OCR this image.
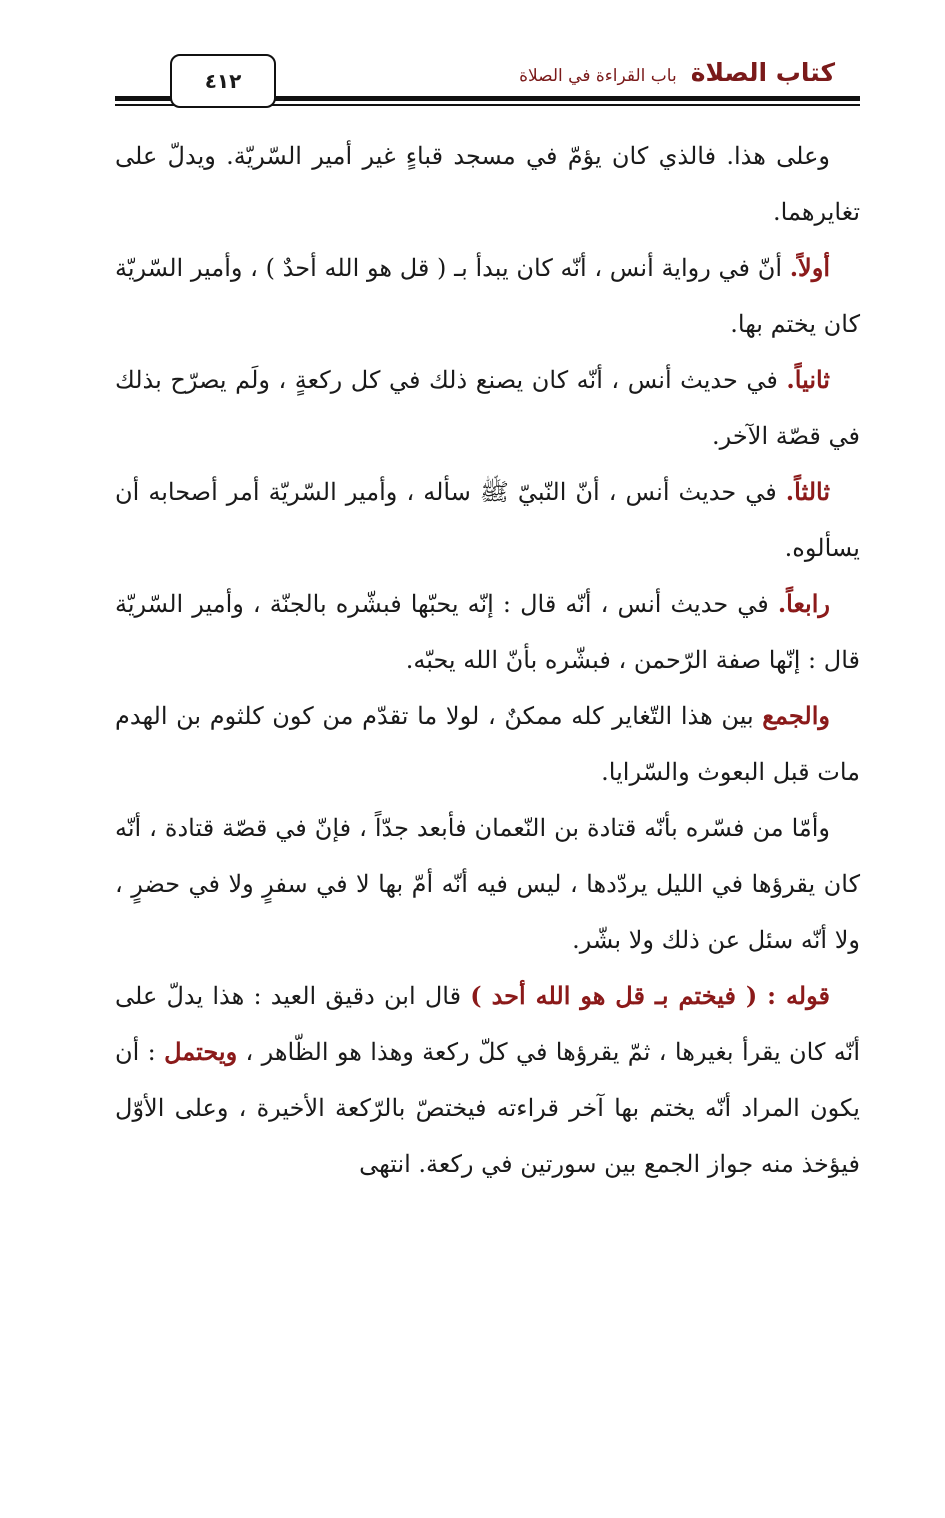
كتاب الصلاة
باب القراءة في الصلاة
٤١٢

وعلى هذا. فالذي كان يؤمّ في مسجد قباءٍ غير أمير السّريّة. ويدلّ على تغايرهما.

أولاً. أنّ في رواية أنس ، أنّه كان يبدأ بـ ( قل هو الله أحدٌ ) ، وأمير السّريّة كان يختم بها.

ثانياً. في حديث أنس ، أنّه كان يصنع ذلك في كل ركعةٍ ، ولَم يصرّح بذلك في قصّة الآخر.

ثالثاً. في حديث أنس ، أنّ النّبيّ ﷺ سأله ، وأمير السّريّة أمر أصحابه أن يسألوه.

رابعاً. في حديث أنس ، أنّه قال : إنّه يحبّها فبشّره بالجنّة ، وأمير السّريّة قال : إنّها صفة الرّحمن ، فبشّره بأنّ الله يحبّه.

والجمع بين هذا التّغاير كله ممكنٌ ، لولا ما تقدّم من كون كلثوم بن الهدم مات قبل البعوث والسّرايا.

وأمّا من فسّره بأنّه قتادة بن النّعمان فأبعد جدّاً ، فإنّ في قصّة قتادة ، أنّه كان يقرؤها في الليل يردّدها ، ليس فيه أنّه أمّ بها لا في سفرٍ ولا في حضرٍ ، ولا أنّه سئل عن ذلك ولا بشّر.

قوله : ( فيختم بـ قل هو الله أحد ) قال ابن دقيق العيد : هذا يدلّ على أنّه كان يقرأ بغيرها ، ثمّ يقرؤها في كلّ ركعة وهذا هو الظّاهر ، ويحتمل : أن يكون المراد أنّه يختم بها آخر قراءته فيختصّ بالرّكعة الأخيرة ، وعلى الأوّل فيؤخذ منه جواز الجمع بين سورتين في ركعة. انتهى
